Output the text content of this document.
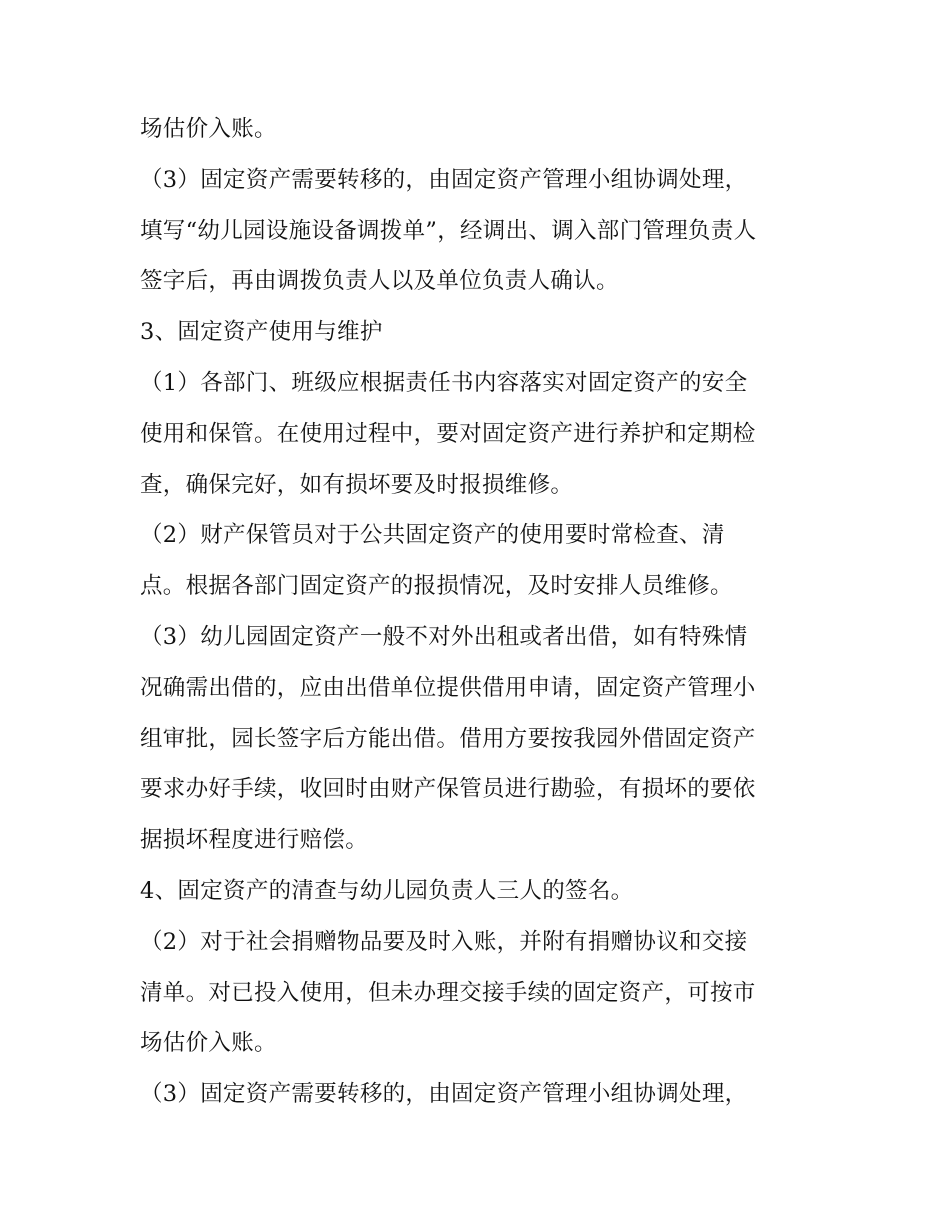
场估价入账。
（3）固定资产需要转移的，由固定资产管理小组协调处理，
填写“幼儿园设施设备调拨单”，经调出、调入部门管理负责人
签字后，再由调拨负责人以及单位负责人确认。
3、固定资产使用与维护
（1）各部门、班级应根据责任书内容落实对固定资产的安全
使用和保管。在使用过程中，要对固定资产进行养护和定期检
查，确保完好，如有损坏要及时报损维修。
（2）财产保管员对于公共固定资产的使用要时常检查、清
点。根据各部门固定资产的报损情况，及时安排人员维修。
（3）幼儿园固定资产一般不对外出租或者出借，如有特殊情
况确需出借的，应由出借单位提供借用申请，固定资产管理小
组审批，园长签字后方能出借。借用方要按我园外借固定资产
要求办好手续，收回时由财产保管员进行勘验，有损坏的要依
据损坏程度进行赔偿。
4、固定资产的清查与幼儿园负责人三人的签名。
（2）对于社会捐赠物品要及时入账，并附有捐赠协议和交接
清单。对已投入使用，但未办理交接手续的固定资产，可按市
场估价入账。
（3）固定资产需要转移的，由固定资产管理小组协调处理，
